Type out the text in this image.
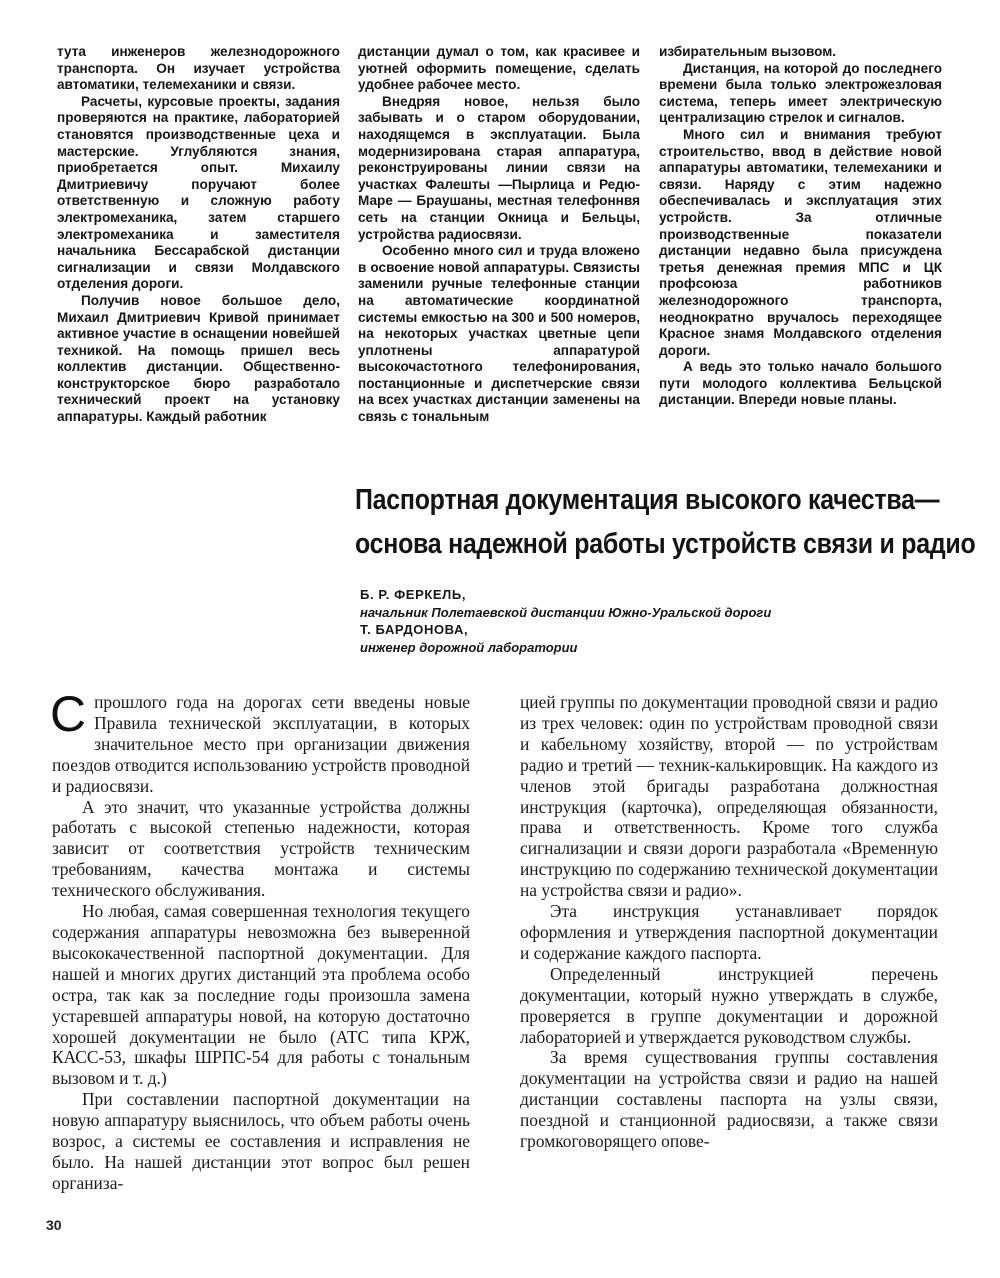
тута инженеров железнодорожного транспорта. Он изучает устройства автоматики, телемеханики и связи.

Расчеты, курсовые проекты, задания проверяются на практике, лабораторией становятся производственные цеха и мастерские. Углубляются знания, приобретается опыт. Михаилу Дмитриевичу поручают более ответственную и сложную работу электромеханика, затем старшего электромеханика и заместителя начальника Бессарабской дистанции сигнализации и связи Молдавского отделения дороги.

Получив новое большое дело, Михаил Дмитриевич Кривой принимает активное участие в оснащении новейшей техникой. На помощь пришел весь коллектив дистанции. Общественно-конструкторское бюро разработало технический проект на установку аппаратуры. Каждый работник

дистанции думал о том, как красивее и уютней оформить помещение, сделать удобнее рабочее место.

Внедряя новое, нельзя было забывать и о старом оборудовании, находящемся в эксплуатации. Была модернизирована старая аппаратура, реконструированы линии связи на участках Фалешты —Пырлица и Редю-Маре — Браушаны, местная телефоннвя сеть на станции Окница и Бельцы, устройства радиосвязи.

Особенно много сил и труда вложено в освоение новой аппаратуры. Связисты заменили ручные телефонные станции на автоматические координатной системы емкостью на 300 и 500 номеров, на некоторых участках цветные цепи уплотнены аппаратурой высокочастотного телефонирования, постанционные и диспетчерские связи на всех участках дистанции заменены на связь с тональным

избирательным вызовом.

Дистанция, на которой до последнего времени была только электрожезловая система, теперь имеет электрическую централизацию стрелок и сигналов.

Много сил и внимания требуют строительство, ввод в действие новой аппаратуры автоматики, телемеханики и связи. Наряду с этим надежно обеспечивалась и эксплуатация этих устройств. За отличные производственные показатели дистанции недавно была присуждена третья денежная премия МПС и ЦК профсоюза работников железнодорожного транспорта, неоднократно вручалось переходящее Красное знамя Молдавского отделения дороги.

А ведь это только начало большого пути молодого коллектива Бельцской дистанции. Впереди новые планы.

Паспортная документация высокого качества—
основа надежной работы устройств связи и радио
Б. Р. ФЕРКЕЛЬ,
начальник Полетаевской дистанции Южно-Уральской дороги
Т. БАРДОНОВА,
инженер дорожной лаборатории

С прошлого года на дорогах сети введены новые Правила технической эксплуатации, в которых значительное место при организации движения поездов отводится использованию устройств проводной и радиосвязи.

А это значит, что указанные устройства должны работать с высокой степенью надежности, которая зависит от соответствия устройств техническим требованиям, качества монтажа и системы технического обслуживания.

Но любая, самая совершенная технология текущего содержания аппаратуры невозможна без выверенной высококачественной паспортной документации. Для нашей и многих других дистанций эта проблема особо остра, так как за последние годы произошла замена устаревшей аппаратуры новой, на которую достаточно хорошей документации не было (АТС типа КРЖ, КАСС-53, шкафы ШРПС-54 для работы с тональным вызовом и т. д.)

При составлении паспортной документации на новую аппаратуру выяснилось, что объем работы очень возрос, а системы ее составления и исправления не было. На нашей дистанции этот вопрос был решен организа-

цией группы по документации проводной связи и радио из трех человек: один по устройствам проводной связи и кабельному хозяйству, второй — по устройствам радио и третий — техник-калькировщик. На каждого из членов этой бригады разработана должностная инструкция (карточка), определяющая обязанности, права и ответственность. Кроме того служба сигнализации и связи дороги разработала «Временную инструкцию по содержанию технической документации на устройства связи и радио».

Эта инструкция устанавливает порядок оформления и утверждения паспортной документации и содержание каждого паспорта.

Определенный инструкцией перечень документации, который нужно утверждать в службе, проверяется в группе документации и дорожной лабораторией и утверждается руководством службы.

За время существования группы составления документации на устройства связи и радио на нашей дистанции составлены паспорта на узлы связи, поездной и станционной радиосвязи, а также связи громкоговорящего опове-

30
